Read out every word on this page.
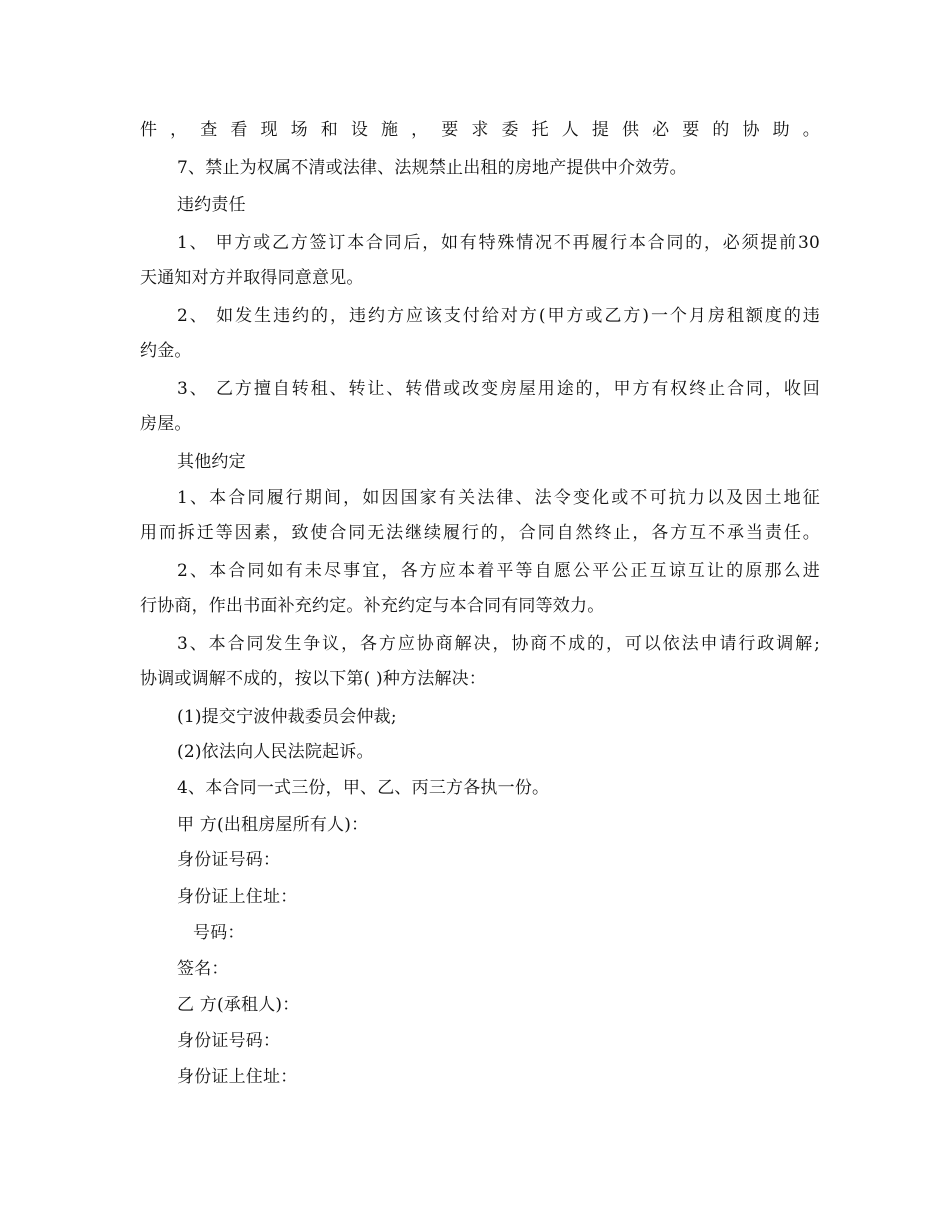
件，查看现场和设施，要求委托人提供必要的协助。
7、禁止为权属不清或法律、法规禁止出租的房地产提供中介效劳。
违约责任
1、 甲方或乙方签订本合同后，如有特殊情况不再履行本合同的，必须提前30
天通知对方并取得同意意见。
2、 如发生违约的，违约方应该支付给对方(甲方或乙方)一个月房租额度的违
约金。
3、 乙方擅自转租、转让、转借或改变房屋用途的，甲方有权终止合同，收回
房屋。
其他约定
1、本合同履行期间，如因国家有关法律、法令变化或不可抗力以及因土地征
用而拆迁等因素，致使合同无法继续履行的，合同自然终止，各方互不承当责任。
2、本合同如有未尽事宜，各方应本着平等自愿公平公正互谅互让的原那么进
行协商，作出书面补充约定。补充约定与本合同有同等效力。
3、本合同发生争议，各方应协商解决，协商不成的，可以依法申请行政调解;
协调或调解不成的，按以下第( )种方法解决：
(1)提交宁波仲裁委员会仲裁;
(2)依法向人民法院起诉。
4、本合同一式三份，甲、乙、丙三方各执一份。
甲 方(出租房屋所有人)：
身份证号码：
身份证上住址：
号码：
签名：
乙 方(承租人)：
身份证号码：
身份证上住址：
